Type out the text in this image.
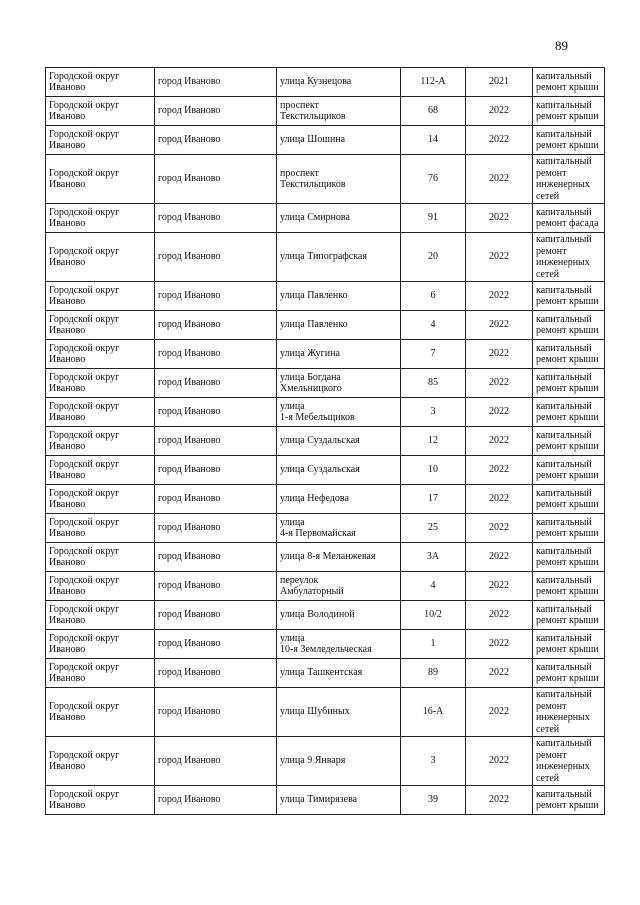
89
Городской округ
Иваново	город Иваново	улица Кузнецова	112-А	2021	капитальный
ремонт крыши
Городской округ
Иваново	город Иваново	проспект
Текстильщиков	68	2022	капитальный
ремонт крыши
Городской округ
Иваново	город Иваново	улица Шошина	14	2022	капитальный
ремонт крыши
Городской округ
Иваново	город Иваново	проспект
Текстильщиков	76	2022	капитальный
ремонт
инженерных
сетей
Городской округ
Иваново	город Иваново	улица Смирнова	91	2022	капитальный
ремонт фасада
Городской округ
Иваново	город Иваново	улица Типографская	20	2022	капитальный
ремонт
инженерных
сетей
Городской округ
Иваново	город Иваново	улица Павленко	6	2022	капитальный
ремонт крыши
Городской округ
Иваново	город Иваново	улица Павленко	4	2022	капитальный
ремонт крыши
Городской округ
Иваново	город Иваново	улица Жугина	7	2022	капитальный
ремонт крыши
Городской округ
Иваново	город Иваново	улица Богдана
Хмельницкого	85	2022	капитальный
ремонт крыши
Городской округ
Иваново	город Иваново	улица
1-я Мебельщиков	3	2022	капитальный
ремонт крыши
Городской округ
Иваново	город Иваново	улица Суздальская	12	2022	капитальный
ремонт крыши
Городской округ
Иваново	город Иваново	улица Суздальская	10	2022	капитальный
ремонт крыши
Городской округ
Иваново	город Иваново	улица Нефедова	17	2022	капитальный
ремонт крыши
Городской округ
Иваново	город Иваново	улица
4-я Первомайская	25	2022	капитальный
ремонт крыши
Городской округ
Иваново	город Иваново	улица 8-я Меланжевая	3А	2022	капитальный
ремонт крыши
Городской округ
Иваново	город Иваново	переулок
Амбулаторный	4	2022	капитальный
ремонт крыши
Городской округ
Иваново	город Иваново	улица Володиной	10/2	2022	капитальный
ремонт крыши
Городской округ
Иваново	город Иваново	улица
10-я Земледельческая	1	2022	капитальный
ремонт крыши
Городской округ
Иваново	город Иваново	улица Ташкентская	89	2022	капитальный
ремонт крыши
Городской округ
Иваново	город Иваново	улица Шубиных	16-А	2022	капитальный
ремонт
инженерных
сетей
Городской округ
Иваново	город Иваново	улица 9 Января	3	2022	капитальный
ремонт
инженерных
сетей
Городской округ
Иваново	город Иваново	улица Тимирязева	39	2022	капитальный
ремонт крыши
